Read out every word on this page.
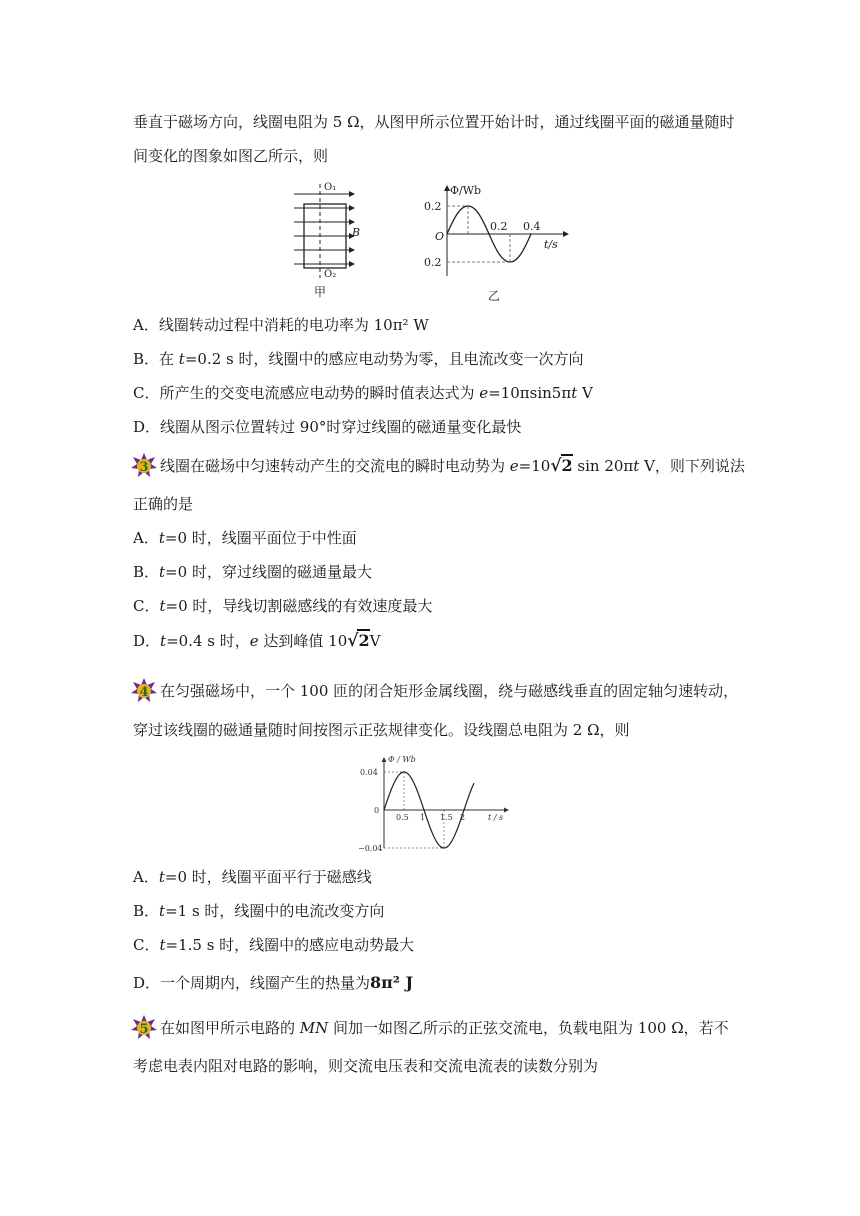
垂直于磁场方向，线圈电阻为 5 Ω，从图甲所示位置开始计时，通过线圈平面的磁通量随时
间变化的图象如图乙所示，则
O₁
O₂
B
甲
Φ/Wb
0.2
O
0.2
0.2 0.4
t/s
乙
A．线圈转动过程中消耗的电功率为 10π² W
B．在 t=0.2 s 时，线圈中的感应电动势为零，且电流改变一次方向
C．所产生的交变电流感应电动势的瞬时值表达式为 e=10πsin5πt V
D．线圈从图示位置转过 90°时穿过线圈的磁通量变化最快
3 线圈在磁场中匀速转动产生的交流电的瞬时电动势为 e=10√2 sin 20πt V，则下列说法
正确的是
A．t=0 时，线圈平面位于中性面
B．t=0 时，穿过线圈的磁通量最大
C．t=0 时，导线切割磁感线的有效速度最大
D．t=0.4 s 时，e 达到峰值 10√2V
4 在匀强磁场中，一个 100 匝的闭合矩形金属线圈，绕与磁感线垂直的固定轴匀速转动，
穿过该线圈的磁通量随时间按图示正弦规律变化。设线圈总电阻为 2 Ω，则
Φ / Wb
0.04
0
−0.04
0.5 1 1.5 2	t / s
A．t=0 时，线圈平面平行于磁感线
B．t=1 s 时，线圈中的电流改变方向
C．t=1.5 s 时，线圈中的感应电动势最大
D．一个周期内，线圈产生的热量为8π² J
5 在如图甲所示电路的 MN 间加一如图乙所示的正弦交流电，负载电阻为 100 Ω，若不
考虑电表内阻对电路的影响，则交流电压表和交流电流表的读数分别为
